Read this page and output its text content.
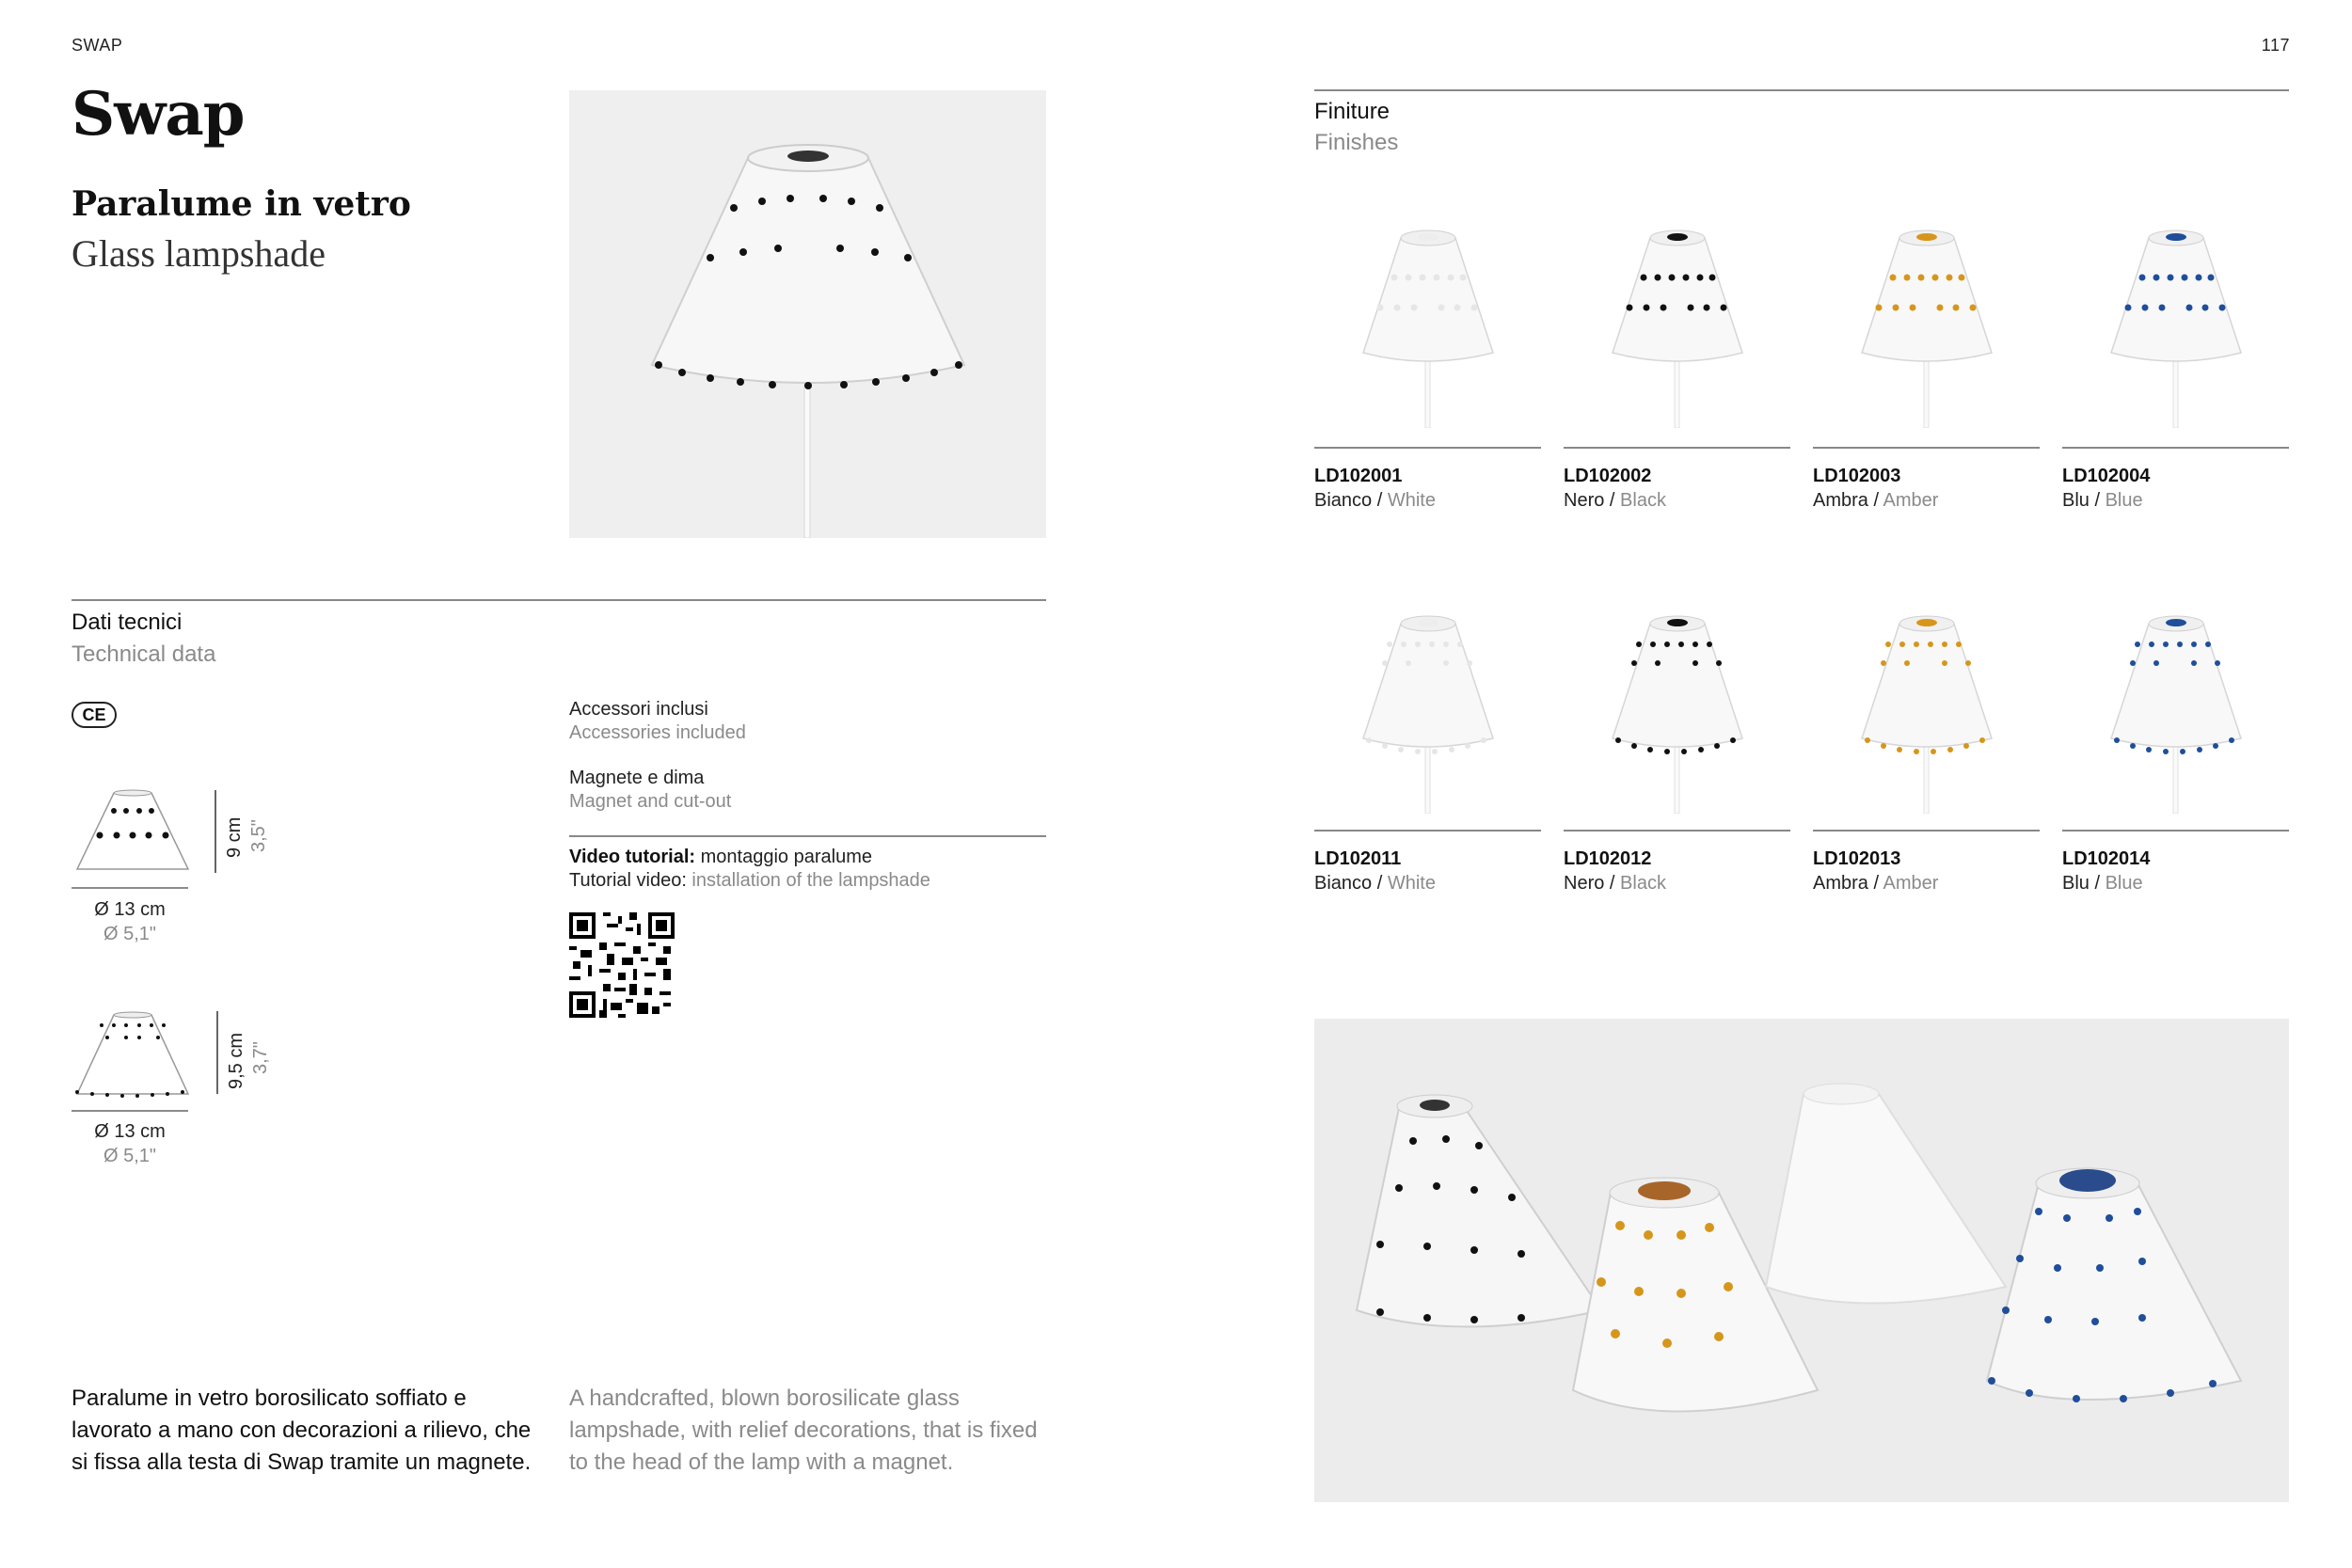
SWAP	117
Swap
Paralume in vetro
Glass lampshade
Dati tecnici
Technical data
CE
9 cm 3,5"
Ø 13 cm
Ø 5,1"
9,5 cm 3,7"
Ø 13 cm
Ø 5,1"
Accessori inclusi
Accessories included
Magnete e dima
Magnet and cut-out
Video tutorial: montaggio paralume
Tutorial video: installation of the lampshade
Paralume in vetro borosilicato soffiato e lavorato a mano con decorazioni a rilievo, che si fissa alla testa di Swap tramite un magnete.
A handcrafted, blown borosilicate glass lampshade, with relief decorations, that is fixed to the head of the lamp with a magnet.
Finiture
Finishes
LD102001
Bianco / White
LD102002
Nero / Black
LD102003
Ambra / Amber
LD102004
Blu / Blue
LD102011
Bianco / White
LD102012
Nero / Black
LD102013
Ambra / Amber
LD102014
Blu / Blue
